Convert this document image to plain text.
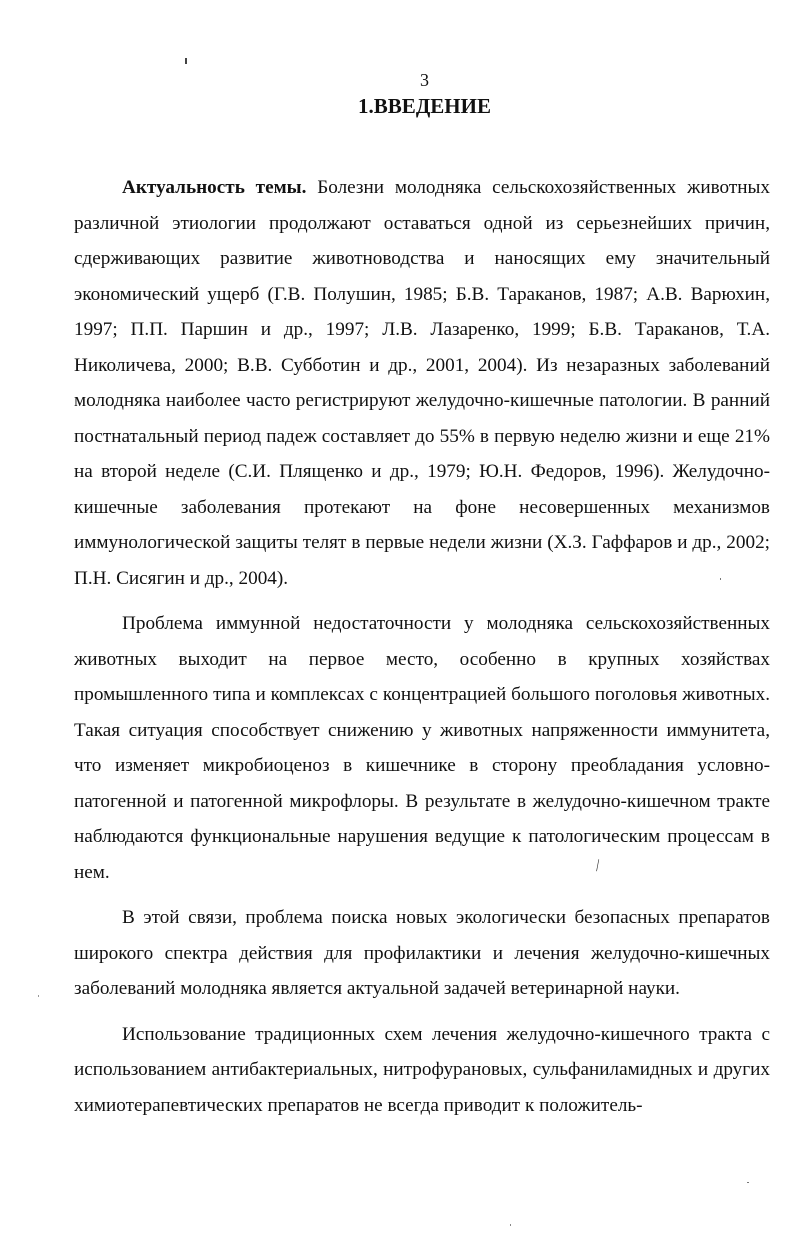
3
1.ВВЕДЕНИЕ

Актуальность темы. Болезни молодняка сельскохозяйственных животных различной этиологии продолжают оставаться одной из серьезнейших причин, сдерживающих развитие животноводства и наносящих ему значительный экономический ущерб (Г.В. Полушин, 1985; Б.В. Тараканов, 1987; А.В. Варюхин, 1997; П.П. Паршин и др., 1997; Л.В. Лазаренко, 1999; Б.В. Тараканов, Т.А. Николичева, 2000; В.В. Субботин и др., 2001, 2004). Из незаразных заболеваний молодняка наиболее часто регистрируют желудочно-кишечные патологии. В ранний постнатальный период падеж составляет до 55% в первую неделю жизни и еще 21% на второй неделе (С.И. Плященко и др., 1979; Ю.Н. Федоров, 1996). Желудочно-кишечные заболевания протекают на фоне несовершенных механизмов иммунологической защиты телят в первые недели жизни (Х.З. Гаффаров и др., 2002; П.Н. Сисягин и др., 2004).

Проблема иммунной недостаточности у молодняка сельскохозяйственных животных выходит на первое место, особенно в крупных хозяйствах промышленного типа и комплексах с концентрацией большого поголовья животных. Такая ситуация способствует снижению у животных напряженности иммунитета, что изменяет микробиоценоз в кишечнике в сторону преобладания условно-патогенной и патогенной микрофлоры. В результате в желудочно-кишечном тракте наблюдаются функциональные нарушения ведущие к патологическим процессам в нем.

В этой связи, проблема поиска новых экологически безопасных препаратов широкого спектра действия для профилактики и лечения желудочно-кишечных заболеваний молодняка является актуальной задачей ветеринарной науки.

Использование традиционных схем лечения желудочно-кишечного тракта с использованием антибактериальных, нитрофурановых, сульфаниламидных и других химиотерапевтических препаратов не всегда приводит к положитель-

⁄
